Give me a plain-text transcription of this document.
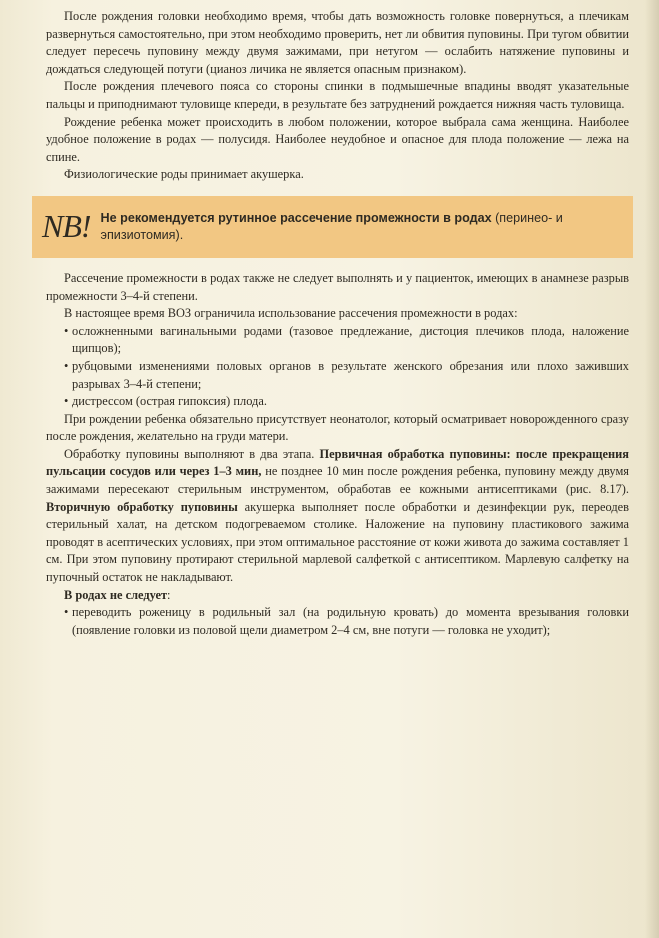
После рождения головки необходимо время, чтобы дать возможность головке повернуться, а плечикам развернуться самостоятельно, при этом необходимо проверить, нет ли обвития пуповины. При тугом обвитии следует пересечь пуповину между двумя зажимами, при нетугом — ослабить натяжение пуповины и дождаться следующей потуги (цианоз личика не является опасным признаком).

После рождения плечевого пояса со стороны спинки в подмышечные впадины вводят указательные пальцы и приподнимают туловище кпереди, в результате без затруднений рождается нижняя часть туловища.

Рождение ребенка может происходить в любом положении, которое выбрала сама женщина. Наиболее удобное положение в родах — полусидя. Наиболее неудобное и опасное для плода положение — лежа на спине.

Физиологические роды принимает акушерка.

NB! Не рекомендуется рутинное рассечение промежности в родах (перинео- и эпизиотомия).

Рассечение промежности в родах также не следует выполнять и у пациенток, имеющих в анамнезе разрыв промежности 3–4-й степени.

В настоящее время ВОЗ ограничила использование рассечения промежности в родах:

• осложненными вагинальными родами (тазовое предлежание, дистоция плечиков плода, наложение щипцов);
• рубцовыми изменениями половых органов в результате женского обрезания или плохо заживших разрывах 3–4-й степени;
• дистрессом (острая гипоксия) плода.

При рождении ребенка обязательно присутствует неонатолог, который осматривает новорожденного сразу после рождения, желательно на груди матери.

Обработку пуповины выполняют в два этапа. Первичная обработка пуповины: после прекращения пульсации сосудов или через 1–3 мин, не позднее 10 мин после рождения ребенка, пуповину между двумя зажимами пересекают стерильным инструментом, обработав ее кожными антисептиками (рис. 8.17). Вторичную обработку пуповины акушерка выполняет после обработки и дезинфекции рук, переодев стерильный халат, на детском подогреваемом столике. Наложение на пуповину пластикового зажима проводят в асептических условиях, при этом оптимальное расстояние от кожи живота до зажима составляет 1 см. При этом пуповину протирают стерильной марлевой салфеткой с антисептиком. Марлевую салфетку на пупочный остаток не накладывают.

В родах не следует:

• переводить роженицу в родильный зал (на родильную кровать) до момента врезывания головки (появление головки из половой щели диаметром 2–4 см, вне потуги — головка не уходит);
